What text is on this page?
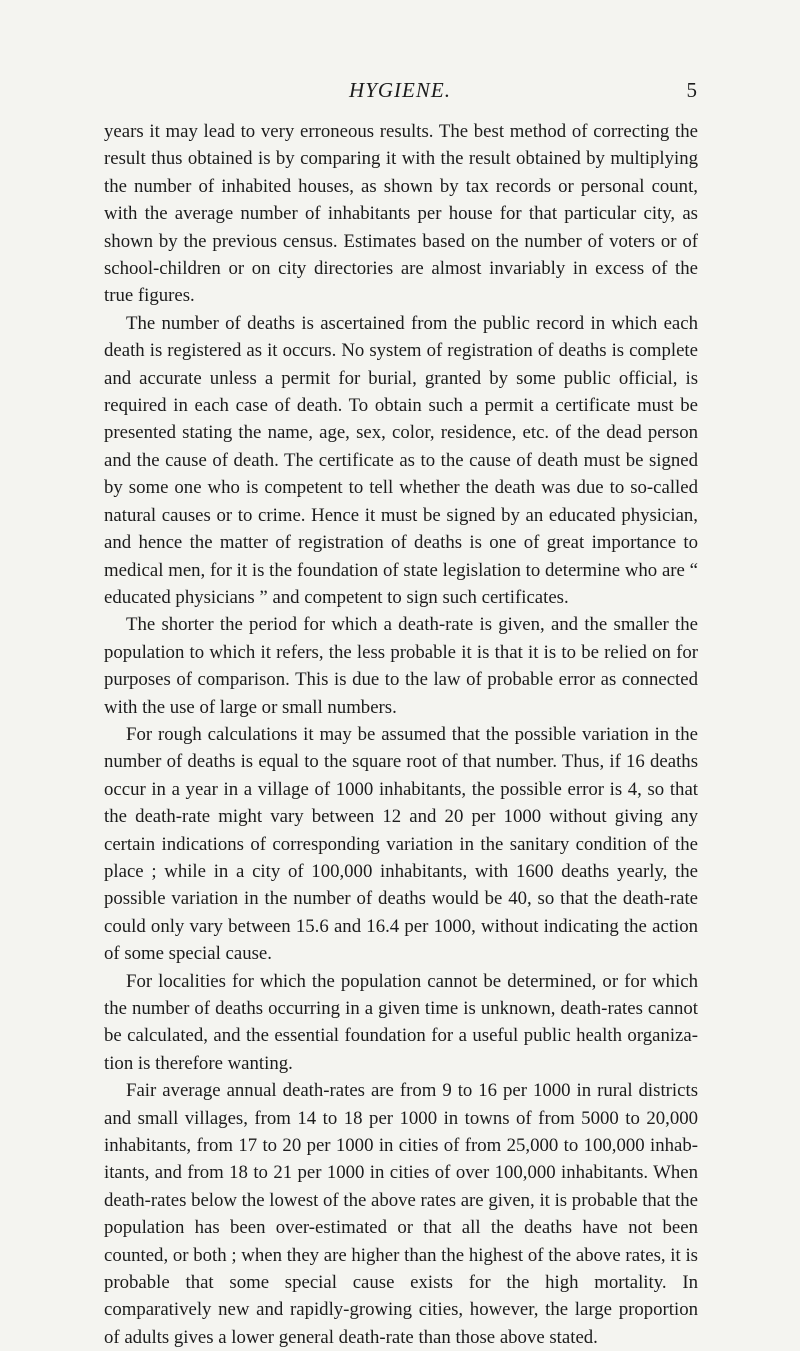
HYGIENE.	5

years it may lead to very erroneous results. The best method of correcting the result thus obtained is by comparing it with the result obtained by multiplying the number of inhabited houses, as shown by tax records or personal count, with the average number of inhabitants per house for that particular city, as shown by the previous census. Estimates based on the number of voters or of school-children or on city directories are almost invariably in excess of the true figures.

The number of deaths is ascertained from the public record in which each death is registered as it occurs. No system of registration of deaths is complete and accurate unless a permit for burial, granted by some public official, is required in each case of death. To obtain such a permit a certificate must be presented stating the name, age, sex, color, residence, etc. of the dead person and the cause of death. The certificate as to the cause of death must be signed by some one who is competent to tell whether the death was due to so-called natural causes or to crime. Hence it must be signed by an educated physician, and hence the matter of registration of deaths is one of great importance to medical men, for it is the foundation of state legislation to determine who are “ educated physicians ” and competent to sign such certificates.

The shorter the period for which a death-rate is given, and the smaller the population to which it refers, the less probable it is that it is to be relied on for purposes of comparison. This is due to the law of probable error as connected with the use of large or small numbers.

For rough calculations it may be assumed that the possible variation in the number of deaths is equal to the square root of that number. Thus, if 16 deaths occur in a year in a village of 1000 inhabitants, the possible error is 4, so that the death-rate might vary between 12 and 20 per 1000 without giving any certain indications of corresponding variation in the sanitary condition of the place ; while in a city of 100,000 inhabitants, with 1600 deaths yearly, the possible variation in the number of deaths would be 40, so that the death-rate could only vary between 15.6 and 16.4 per 1000, without indicating the action of some special cause.

For localities for which the population cannot be determined, or for which the number of deaths occurring in a given time is unknown, death-rates cannot be calculated, and the essential foundation for a useful public health organization is therefore wanting.

Fair average annual death-rates are from 9 to 16 per 1000 in rural districts and small villages, from 14 to 18 per 1000 in towns of from 5000 to 20,000 inhabitants, from 17 to 20 per 1000 in cities of from 25,000 to 100,000 inhabitants, and from 18 to 21 per 1000 in cities of over 100,000 inhabitants. When death-rates below the lowest of the above rates are given, it is probable that the population has been over-estimated or that all the deaths have not been counted, or both ; when they are higher than the highest of the above rates, it is probable that some special cause exists for the high mortality. In comparatively new and rapidly-growing cities, however, the large proportion of adults gives a lower general death-rate than those above stated.
